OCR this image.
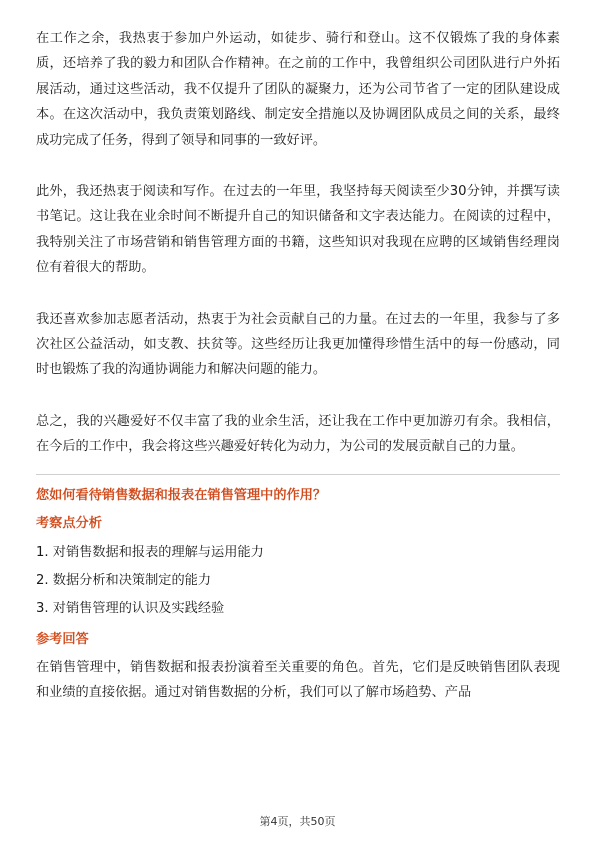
在工作之余，我热衷于参加户外运动，如徒步、骑行和登山。这不仅锻炼了我的身体素质，还培养了我的毅力和团队合作精神。在之前的工作中，我曾组织公司团队进行户外拓展活动，通过这些活动，我不仅提升了团队的凝聚力，还为公司节省了一定的团队建设成本。在这次活动中，我负责策划路线、制定安全措施以及协调团队成员之间的关系，最终成功完成了任务，得到了领导和同事的一致好评。

此外，我还热衷于阅读和写作。在过去的一年里，我坚持每天阅读至少30分钟，并撰写读书笔记。这让我在业余时间不断提升自己的知识储备和文字表达能力。在阅读的过程中，我特别关注了市场营销和销售管理方面的书籍，这些知识对我现在应聘的区域销售经理岗位有着很大的帮助。

我还喜欢参加志愿者活动，热衷于为社会贡献自己的力量。在过去的一年里，我参与了多次社区公益活动，如支教、扶贫等。这些经历让我更加懂得珍惜生活中的每一份感动，同时也锻炼了我的沟通协调能力和解决问题的能力。

总之，我的兴趣爱好不仅丰富了我的业余生活，还让我在工作中更加游刃有余。我相信，在今后的工作中，我会将这些兴趣爱好转化为动力，为公司的发展贡献自己的力量。

您如何看待销售数据和报表在销售管理中的作用？
考察点分析
1. 对销售数据和报表的理解与运用能力
2. 数据分析和决策制定的能力
3. 对销售管理的认识及实践经验
参考回答

在销售管理中，销售数据和报表扮演着至关重要的角色。首先，它们是反映销售团队表现和业绩的直接依据。通过对销售数据的分析，我们可以了解市场趋势、产品

第4页，共50页
